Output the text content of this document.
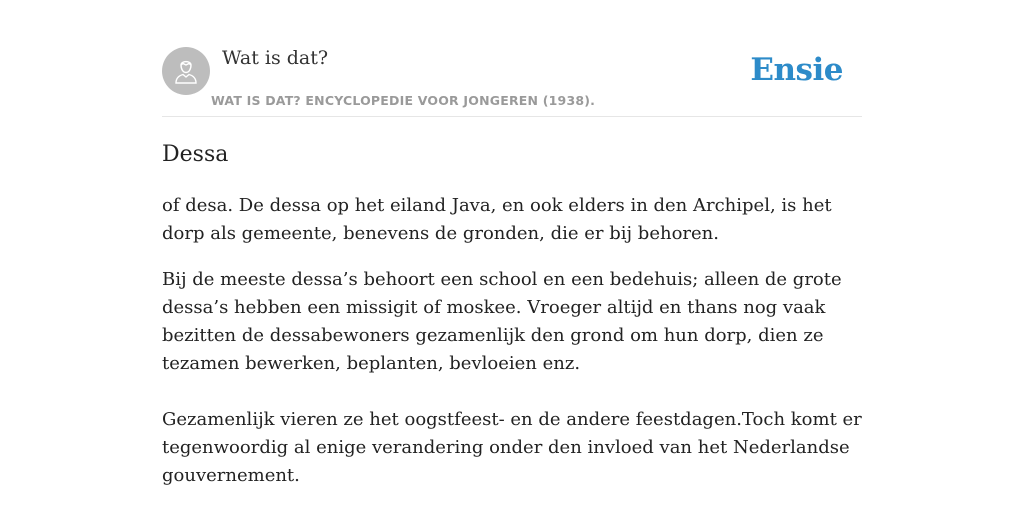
Wat is dat?
WAT IS DAT? ENCYCLOPEDIE VOOR JONGEREN (1938).
Ensie
Dessa

of desa. De dessa op het eiland Java, en ook elders in den Archipel, is het dorp als gemeente, benevens de gronden, die er bij behoren.

Bij de meeste dessa’s behoort een school en een bedehuis; alleen de grote dessa’s hebben een missigit of moskee. Vroeger altijd en thans nog vaak bezitten de dessabewoners gezamenlijk den grond om hun dorp, dien ze tezamen bewerken, beplanten, bevloeien enz.

Gezamenlijk vieren ze het oogstfeest- en de andere feestdagen.Toch komt er tegenwoordig al enige verandering onder den invloed van het Nederlandse gouvernement.
